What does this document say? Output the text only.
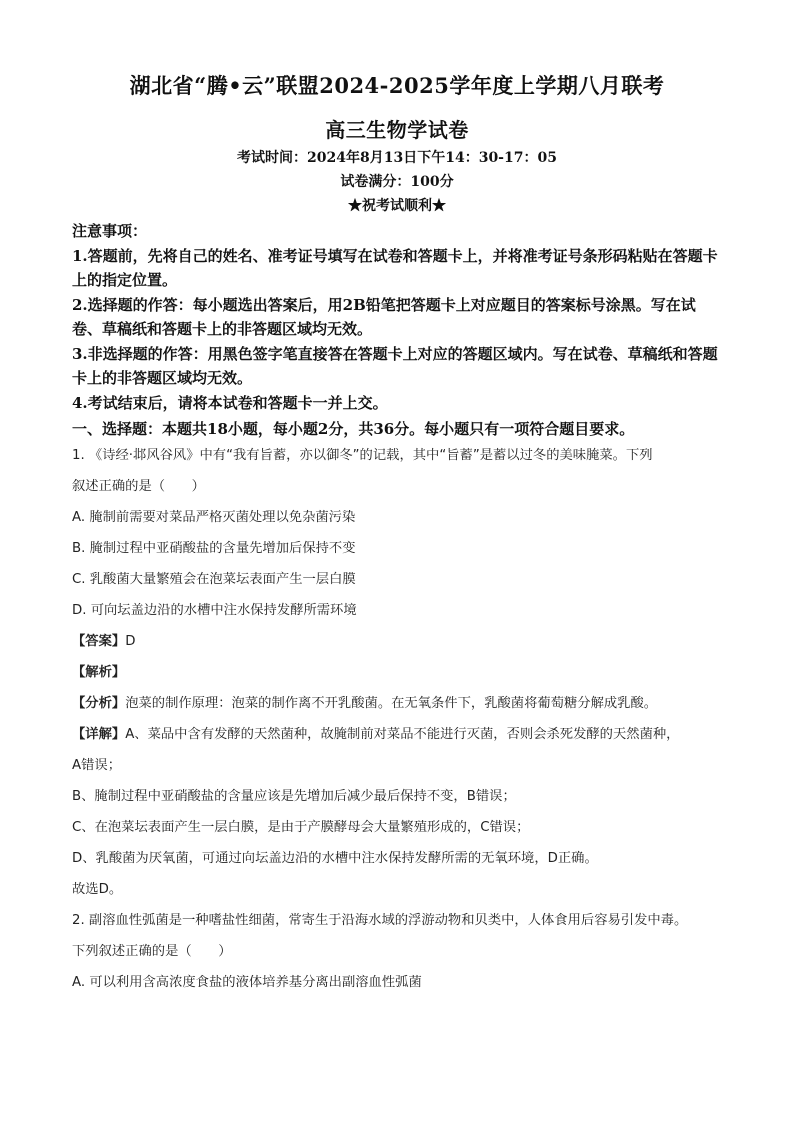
湖北省“腾•云”联盟2024-2025学年度上学期八月联考
高三生物学试卷
考试时间：2024年8月13日下午14：30-17：05
试卷满分：100分
★祝考试顺利★

注意事项：

1.答题前，先将自己的姓名、准考证号填写在试卷和答题卡上，并将准考证号条形码粘贴在答题卡上的指定位置。

2.选择题的作答：每小题选出答案后，用2B铅笔把答题卡上对应题目的答案标号涂黑。写在试卷、草稿纸和答题卡上的非答题区域均无效。

3.非选择题的作答：用黑色签字笔直接答在答题卡上对应的答题区域内。写在试卷、草稿纸和答题卡上的非答题区域均无效。

4.考试结束后，请将本试卷和答题卡一并上交。

一、选择题：本题共18小题，每小题2分，共36分。每小题只有一项符合题目要求。

1. 《诗经·邶风谷风》中有“我有旨蓄，亦以御冬”的记载，其中“旨蓄”是蓄以过冬的美味腌菜。下列

叙述正确的是（　　）

A. 腌制前需要对菜品严格灭菌处理以免杂菌污染

B. 腌制过程中亚硝酸盐的含量先增加后保持不变

C. 乳酸菌大量繁殖会在泡菜坛表面产生一层白膜

D. 可向坛盖边沿的水槽中注水保持发酵所需环境

【答案】D

【解析】

【分析】泡菜的制作原理：泡菜的制作离不开乳酸菌。在无氧条件下，乳酸菌将葡萄糖分解成乳酸。

【详解】A、菜品中含有发酵的天然菌种，故腌制前对菜品不能进行灭菌，否则会杀死发酵的天然菌种，

A错误；

B、腌制过程中亚硝酸盐的含量应该是先增加后减少最后保持不变，B错误；

C、在泡菜坛表面产生一层白膜，是由于产膜酵母会大量繁殖形成的，C错误；

D、乳酸菌为厌氧菌，可通过向坛盖边沿的水槽中注水保持发酵所需的无氧环境，D正确。

故选D。

2. 副溶血性弧菌是一种嗜盐性细菌，常寄生于沿海水域的浮游动物和贝类中，人体食用后容易引发中毒。

下列叙述正确的是（　　）

A. 可以利用含高浓度食盐的液体培养基分离出副溶血性弧菌
